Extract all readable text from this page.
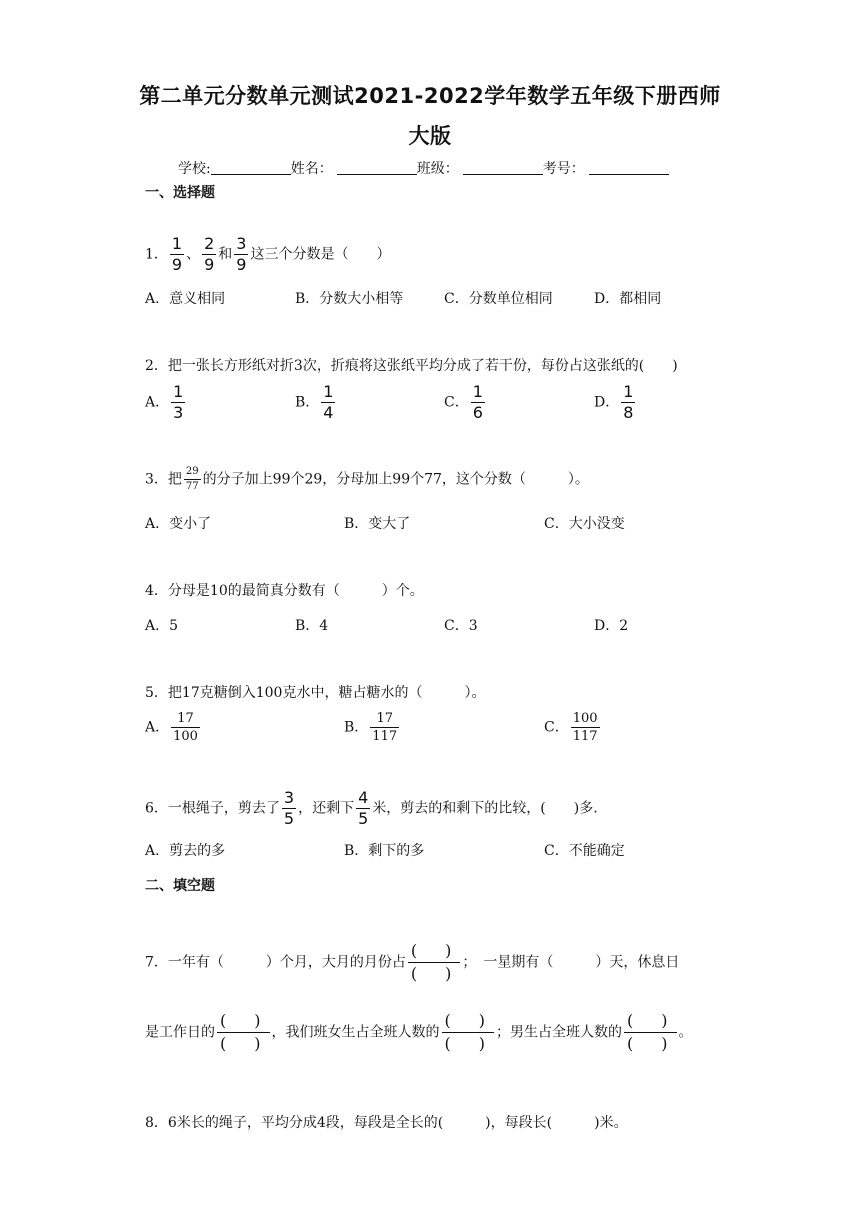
第二单元分数单元测试2021-2022学年数学五年级下册西师
大版
学校:	姓名：	班级：	考号：
一、选择题
1． $\frac{1}{9}$ 、 $\frac{2}{9}$ 和 $\frac{3}{9}$ 这三个分数是（　　）
A．意义相同	B．分数大小相等	C．分数单位相同	D．都相同
2．把一张长方形纸对折3次，折痕将这张纸平均分成了若干份，每份占这张纸的(　　)
A． $\frac{1}{3}$	B． $\frac{1}{4}$	C． $\frac{1}{6}$	D． $\frac{1}{8}$
3．把 $\frac{29}{77}$ 的分子加上99个29，分母加上99个77，这个分数（　　　）。
A．变小了	B．变大了	C．大小没变
4．分母是10的最简真分数有（　　　）个。
A．5	B．4	C．3	D．2
5．把17克糖倒入100克水中，糖占糖水的（　　　）。
A． $\frac{17}{100}$	B． $\frac{17}{117}$	C． $\frac{100}{117}$
6．一根绳子，剪去了 $\frac{3}{5}$ ，还剩下 $\frac{4}{5}$ 米，剪去的和剩下的比较，(　　)多.
A．剪去的多	B．剩下的多	C．不能确定
二、填空题
7．一年有（　　　）个月，大月的月份占
(　)
(　)
；　一星期有（　　　）天，休息日
是工作日的
(　)
(　)
，我们班女生占全班人数的
(　)
(　)
；男生占全班人数的
(　)
(　)
。
8．6米长的绳子，平均分成4段，每段是全长的(　　　)，每段长(　　　)米。
